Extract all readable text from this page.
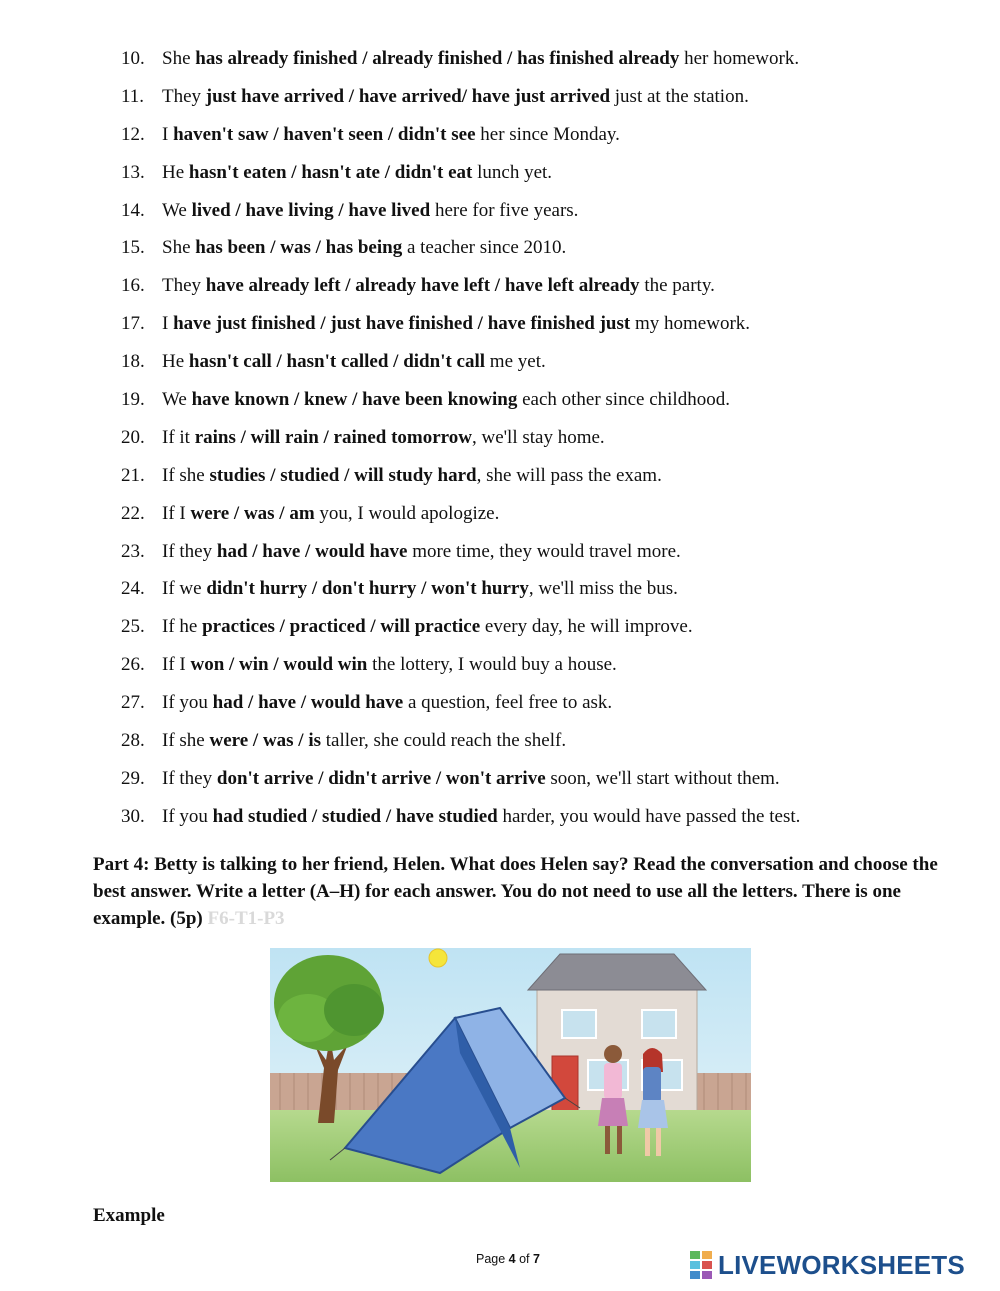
10. She has already finished / already finished / has finished already her homework.
11. They just have arrived / have arrived/ have just arrived just at the station.
12. I haven't saw / haven't seen / didn't see her since Monday.
13. He hasn't eaten / hasn't ate / didn't eat lunch yet.
14. We lived / have living / have lived here for five years.
15. She has been / was / has being a teacher since 2010.
16. They have already left / already have left / have left already the party.
17. I have just finished / just have finished / have finished just my homework.
18. He hasn't call / hasn't called / didn't call me yet.
19. We have known / knew / have been knowing each other since childhood.
20. If it rains / will rain / rained tomorrow, we'll stay home.
21. If she studies / studied / will study hard, she will pass the exam.
22. If I were / was / am you, I would apologize.
23. If they had / have / would have more time, they would travel more.
24. If we didn't hurry / don't hurry / won't hurry, we'll miss the bus.
25. If he practices / practiced / will practice every day, he will improve.
26. If I won / win / would win the lottery, I would buy a house.
27. If you had / have / would have a question, feel free to ask.
28. If she were / was / is taller, she could reach the shelf.
29. If they don't arrive / didn't arrive / won't arrive soon, we'll start without them.
30. If you had studied / studied / have studied harder, you would have passed the test.
Part 4: Betty is talking to her friend, Helen. What does Helen say? Read the conversation and choose the best answer. Write a letter (A–H) for each answer. You do not need to use all the letters. There is one example. (5p) F6-T1-P3
Example
Page 4 of 7	LIVEWORKSHEETS
